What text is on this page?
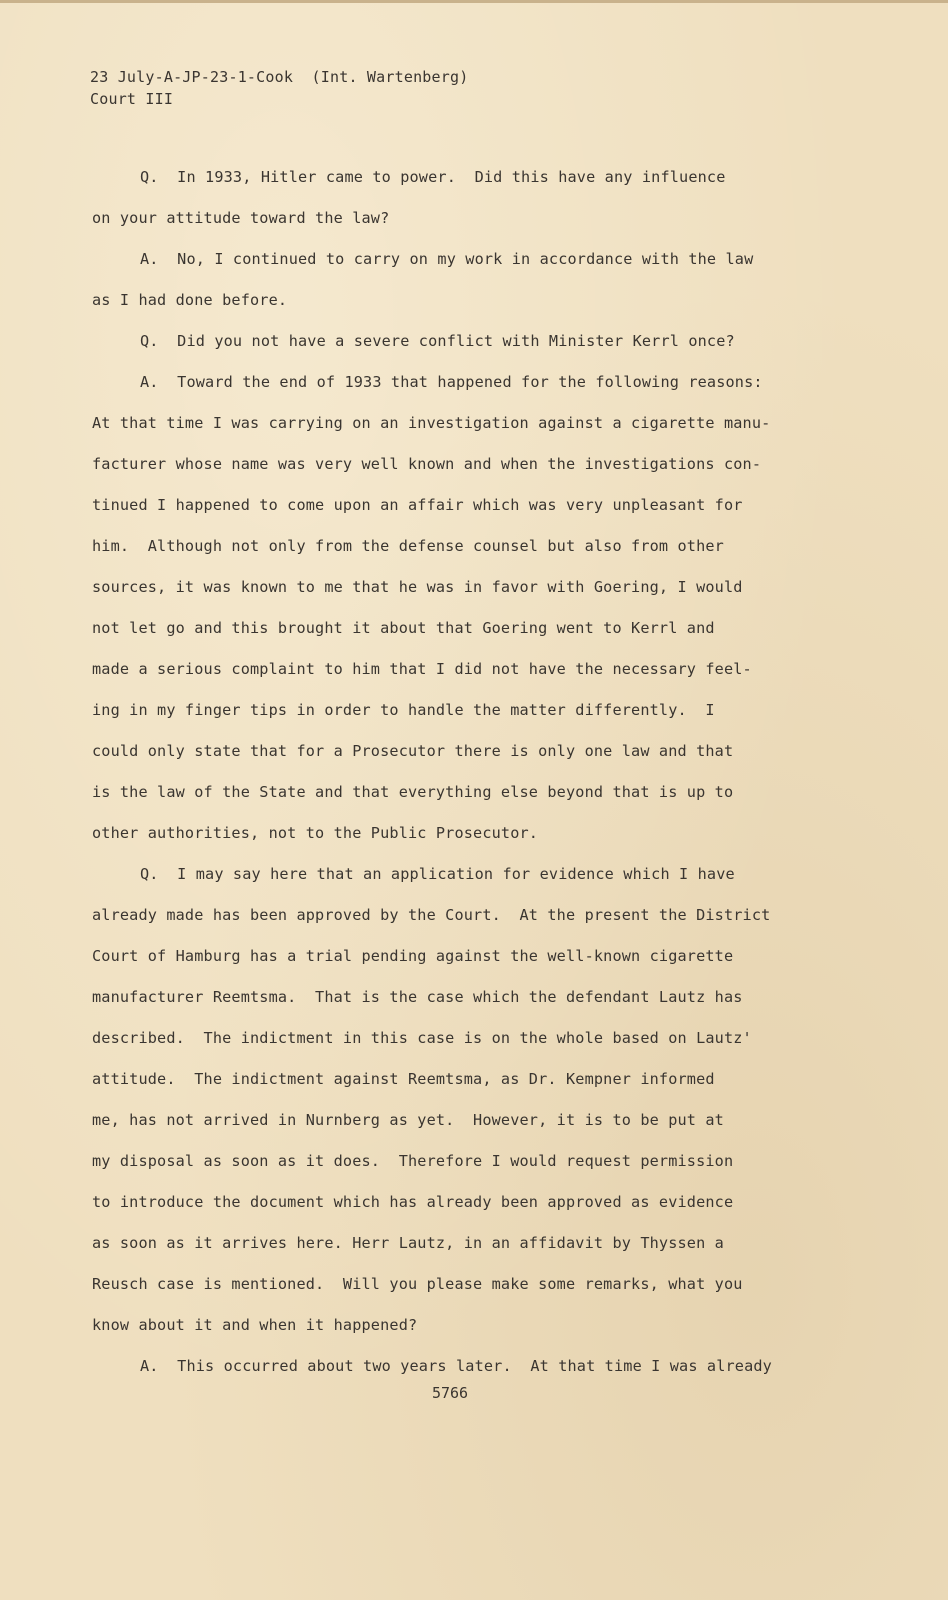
23 July-A-JP-23-1-Cook  (Int. Wartenberg)
Court III
Q.  In 1933, Hitler came to power.  Did this have any influence
on your attitude toward the law?
A.  No, I continued to carry on my work in accordance with the law
as I had done before.
Q.  Did you not have a severe conflict with Minister Kerrl once?
A.  Toward the end of 1933 that happened for the following reasons:
At that time I was carrying on an investigation against a cigarette manu-
facturer whose name was very well known and when the investigations con-
tinued I happened to come upon an affair which was very unpleasant for
him.  Although not only from the defense counsel but also from other
sources, it was known to me that he was in favor with Goering, I would
not let go and this brought it about that Goering went to Kerrl and
made a serious complaint to him that I did not have the necessary feel-
ing in my finger tips in order to handle the matter differently.  I
could only state that for a Prosecutor there is only one law and that
is the law of the State and that everything else beyond that is up to
other authorities, not to the Public Prosecutor.
Q.  I may say here that an application for evidence which I have
already made has been approved by the Court.  At the present the District
Court of Hamburg has a trial pending against the well-known cigarette
manufacturer Reemtsma.  That is the case which the defendant Lautz has
described.  The indictment in this case is on the whole based on Lautz'
attitude.  The indictment against Reemtsma, as Dr. Kempner informed
me, has not arrived in Nurnberg as yet.  However, it is to be put at
my disposal as soon as it does.  Therefore I would request permission
to introduce the document which has already been approved as evidence
as soon as it arrives here. Herr Lautz, in an affidavit by Thyssen a
Reusch case is mentioned.  Will you please make some remarks, what you
know about it and when it happened?
A.  This occurred about two years later.  At that time I was already
5766
